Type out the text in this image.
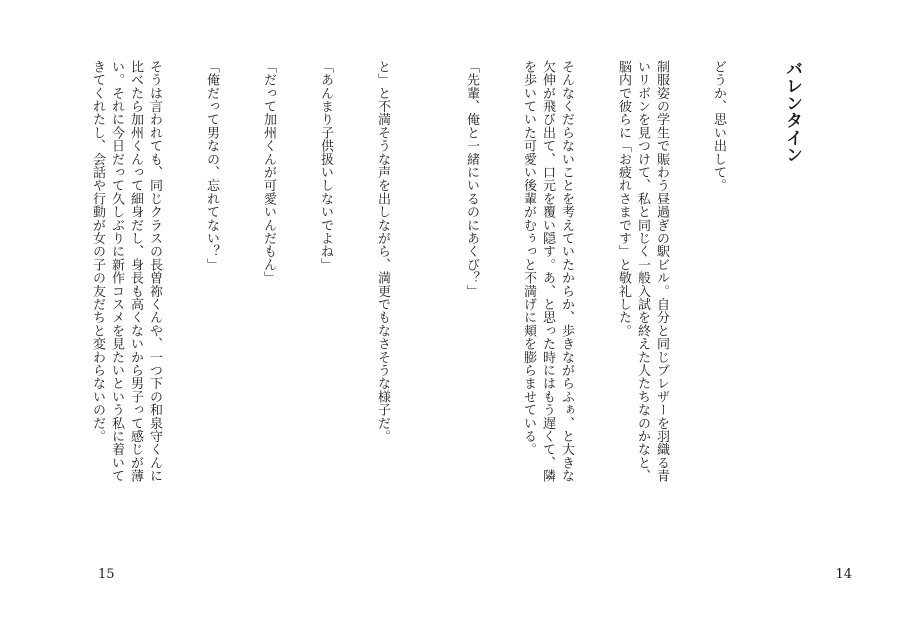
バレンタイン

どうか、思い出して。

制服姿の学生で賑わう昼過ぎの駅ビル。自分と同じブレザーを羽織る青いリボンを見つけて、私と同じく一般入試を終えた人たちなのかなと、脳内で彼らに「お疲れさまです」と敬礼した。

そんなくだらないことを考えていたからか、歩きながらふぁ、と大きな欠伸が飛び出て、口元を覆い隠す。あ、と思った時にはもう遅くて、隣を歩いていた可愛い後輩がむぅっと不満げに頬を膨らませている。

「先輩、俺と一緒にいるのにあくび？」

14

と」と不満そうな声を出しながら、満更でもなさそうな様子だ。

「あんまり子供扱いしないでよね」

「だって加州くんが可愛いんだもん」

「俺だって男なの、忘れてない？」

そうは言われても、同じクラスの長曽祢くんや、一つ下の和泉守くんに比べたら加州くんって細身だし、身長も高くないから男子って感じが薄い。それに今日だって久しぶりに新作コスメを見たいという私に着いてきてくれたし、会話や行動が女の子の友だちと変わらないのだ。

15
